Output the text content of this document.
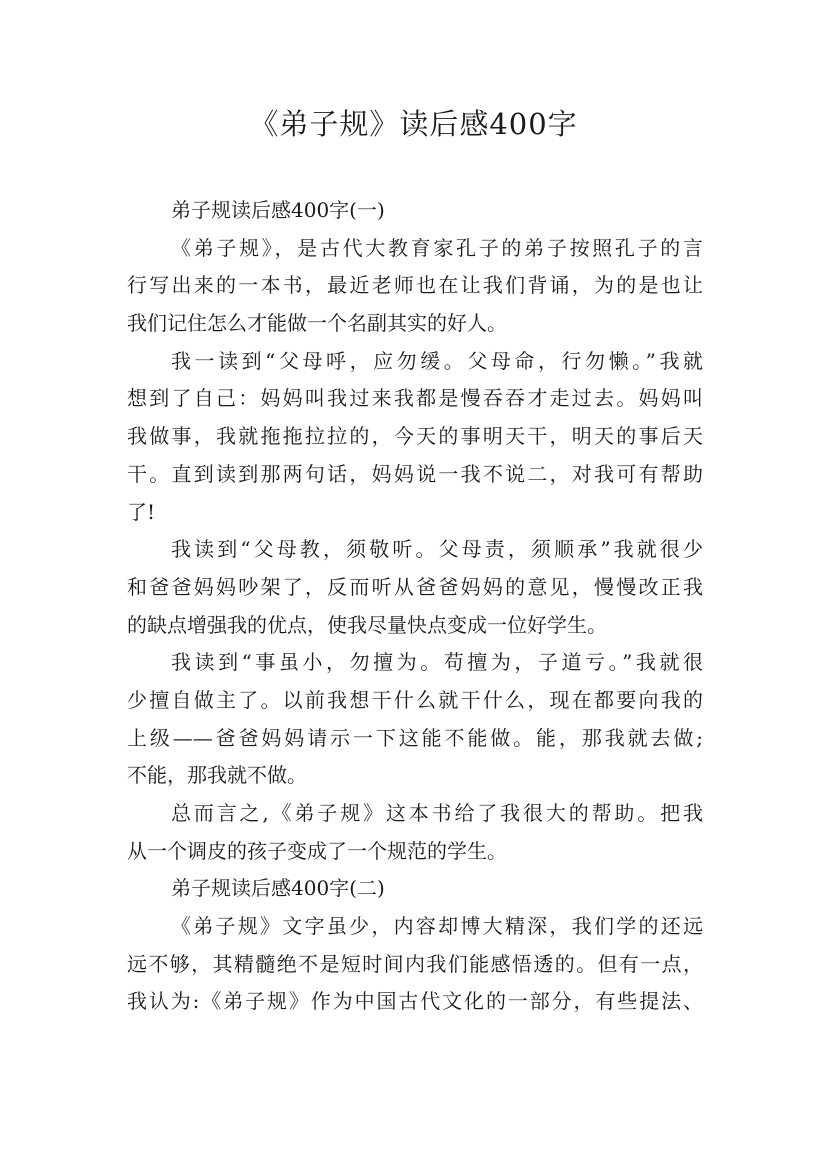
《弟子规》读后感400字
弟子规读后感400字(一)
《弟子规》，是古代大教育家孔子的弟子按照孔子的言
行写出来的一本书，最近老师也在让我们背诵，为的是也让
我们记住怎么才能做一个名副其实的好人。
我一读到“父母呼，应勿缓。父母命，行勿懒。”我就
想到了自己：妈妈叫我过来我都是慢吞吞才走过去。妈妈叫
我做事，我就拖拖拉拉的，今天的事明天干，明天的事后天
干。直到读到那两句话，妈妈说一我不说二，对我可有帮助
了!
我读到“父母教，须敬听。父母责，须顺承”我就很少
和爸爸妈妈吵架了，反而听从爸爸妈妈的意见，慢慢改正我
的缺点增强我的优点，使我尽量快点变成一位好学生。
我读到“事虽小，勿擅为。苟擅为，子道亏。”我就很
少擅自做主了。以前我想干什么就干什么，现在都要向我的
上级——爸爸妈妈请示一下这能不能做。能，那我就去做;
不能，那我就不做。
总而言之,《弟子规》这本书给了我很大的帮助。把我
从一个调皮的孩子变成了一个规范的学生。
弟子规读后感400字(二)
《弟子规》文字虽少，内容却博大精深，我们学的还远
远不够，其精髓绝不是短时间内我们能感悟透的。但有一点，
我认为:《弟子规》作为中国古代文化的一部分，有些提法、
